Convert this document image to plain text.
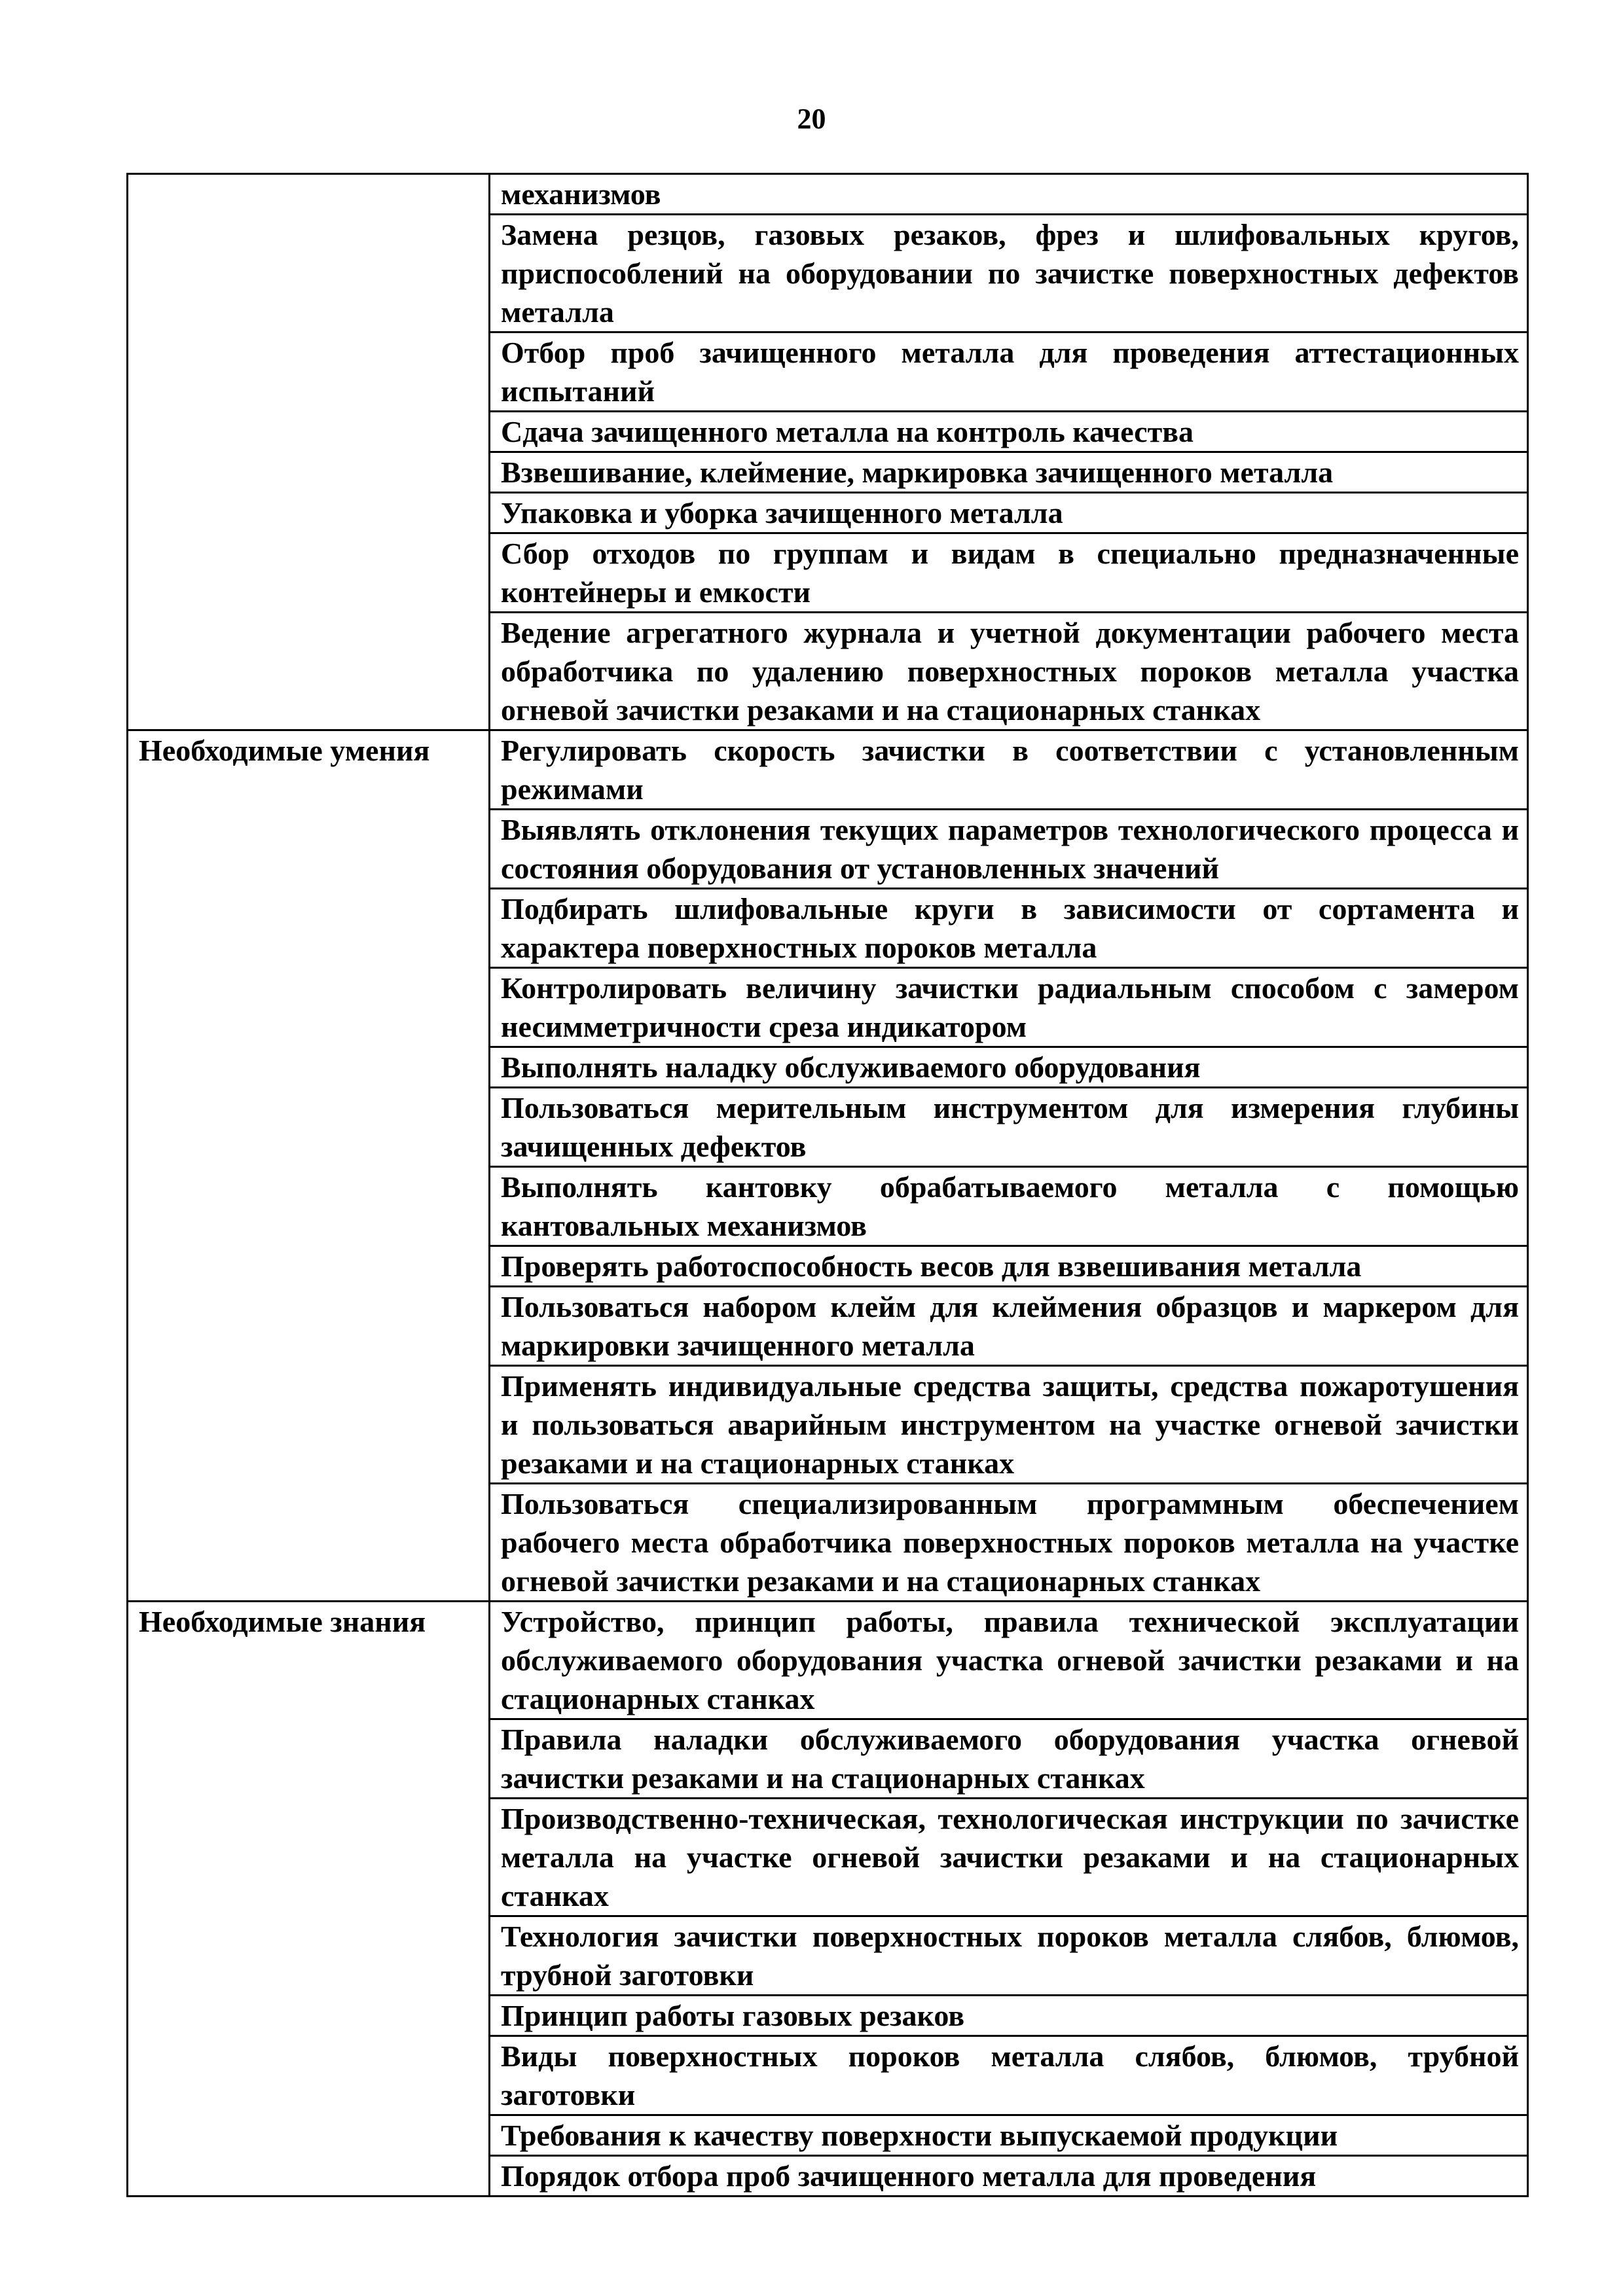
20
	механизмов
	Замена резцов, газовых резаков, фрез и шлифовальных кругов, приспособлений на оборудовании по зачистке поверхностных дефектов металла
	Отбор проб зачищенного металла для проведения аттестационных испытаний
	Сдача зачищенного металла на контроль качества
	Взвешивание, клеймение, маркировка зачищенного металла
	Упаковка и уборка зачищенного металла
	Сбор отходов по группам и видам в специально предназначенные контейнеры и емкости
	Ведение агрегатного журнала и учетной документации рабочего места обработчика по удалению поверхностных пороков металла участка огневой зачистки резаками и на стационарных станках
Необходимые умения	Регулировать скорость зачистки в соответствии с установленным режимами
	Выявлять отклонения текущих параметров технологического процесса и состояния оборудования от установленных значений
	Подбирать шлифовальные круги в зависимости от сортамента и характера поверхностных пороков металла
	Контролировать величину зачистки радиальным способом с замером несимметричности среза индикатором
	Выполнять наладку обслуживаемого оборудования
	Пользоваться мерительным инструментом для измерения глубины зачищенных дефектов
	Выполнять кантовку обрабатываемого металла с помощью кантовальных механизмов
	Проверять работоспособность весов для взвешивания металла
	Пользоваться набором клейм для клеймения образцов и маркером для маркировки зачищенного металла
	Применять индивидуальные средства защиты, средства пожаротушения и пользоваться аварийным инструментом на участке огневой зачистки резаками и на стационарных станках
	Пользоваться специализированным программным обеспечением рабочего места обработчика поверхностных пороков металла на участке огневой зачистки резаками и на стационарных станках
Необходимые знания	Устройство, принцип работы, правила технической эксплуатации обслуживаемого оборудования участка огневой зачистки резаками и на стационарных станках
	Правила наладки обслуживаемого оборудования участка огневой зачистки резаками и на стационарных станках
	Производственно-техническая, технологическая инструкции по зачистке металла на участке огневой зачистки резаками и на стационарных станках
	Технология зачистки поверхностных пороков металла слябов, блюмов, трубной заготовки
	Принцип работы газовых резаков
	Виды поверхностных пороков металла слябов, блюмов, трубной заготовки
	Требования к качеству поверхности выпускаемой продукции
	Порядок отбора проб зачищенного металла для проведения
